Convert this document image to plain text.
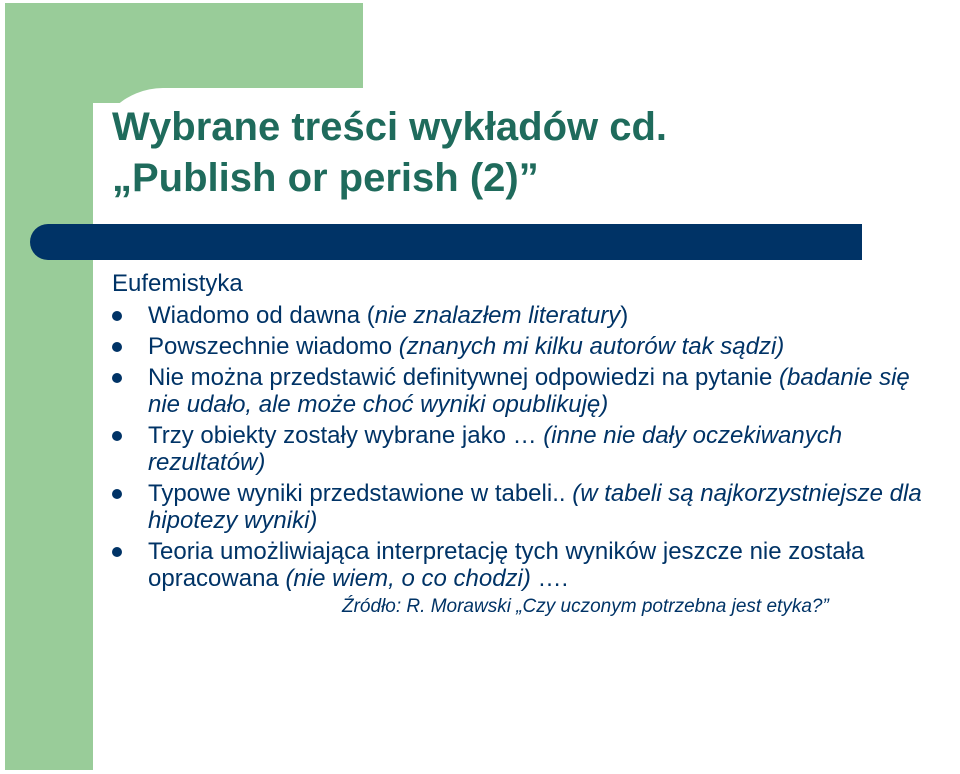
Wybrane treści wykładów cd.
„Publish or perish (2)”

Eufemistyka

Wiadomo od dawna (nie znalazłem literatury)
Powszechnie wiadomo (znanych mi kilku autorów tak sądzi)
Nie można przedstawić definitywnej odpowiedzi na pytanie (badanie się nie udało, ale może choć wyniki opublikuję)
Trzy obiekty zostały wybrane jako … (inne nie dały oczekiwanych rezultatów)
Typowe wyniki przedstawione w tabeli.. (w tabeli są najkorzystniejsze dla hipotezy wyniki)
Teoria umożliwiająca interpretację tych wyników jeszcze nie została opracowana (nie wiem, o co chodzi) ….

Źródło: R. Morawski „Czy uczonym potrzebna jest etyka?”
